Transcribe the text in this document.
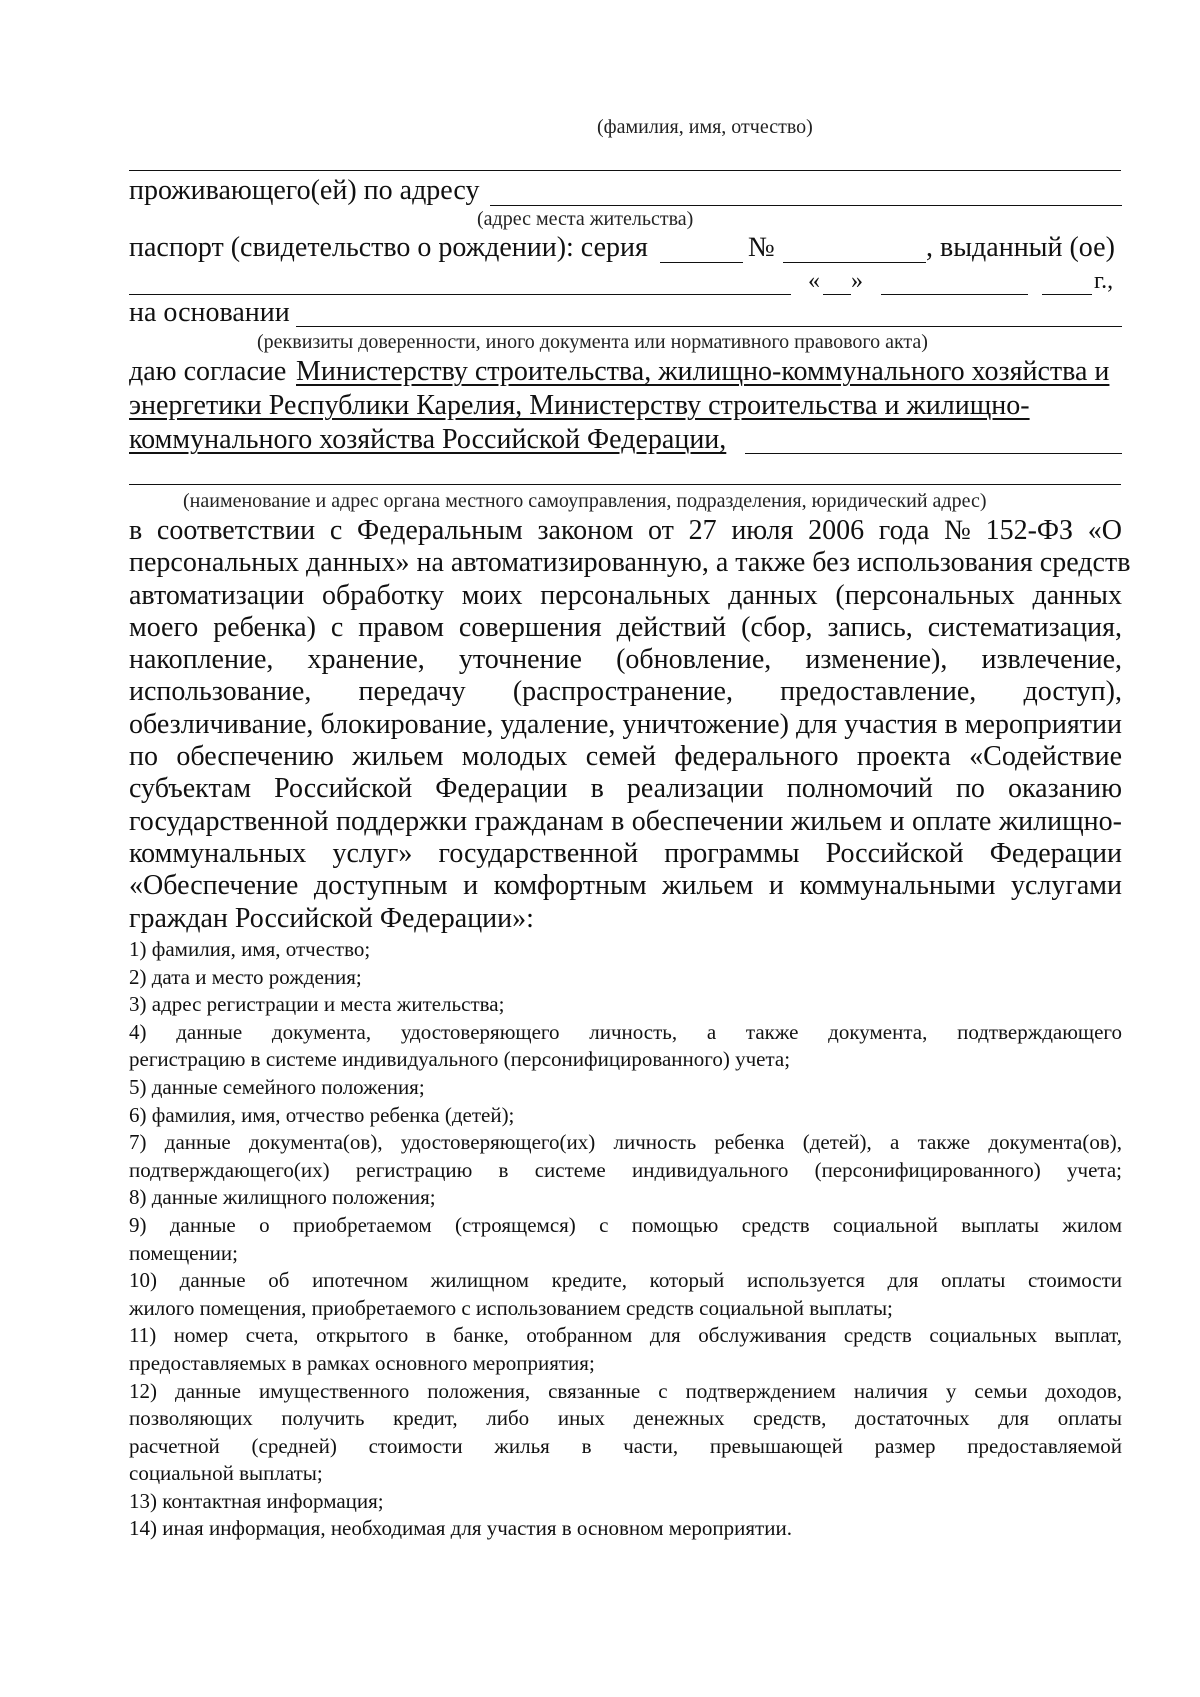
(фамилия, имя, отчество)
проживающего(ей) по адресу
(адрес места жительства)
паспорт (свидетельство о рождении): серия	№	, выданный (ое)
« »	г.,
на основании
(реквизиты доверенности, иного документа или нормативного правового акта)
даю согласие Министерству строительства, жилищно-коммунального хозяйства и
энергетики Республики Карелия, Министерству строительства и жилищно-
коммунального хозяйства Российской Федерации,
(наименование и адрес органа местного самоуправления, подразделения, юридический адрес)
в соответствии с Федеральным законом от 27 июля 2006 года № 152-ФЗ «О
персональных данных» на автоматизированную, а также без использования средств
автоматизации обработку моих персональных данных (персональных данных
моего ребенка) с правом совершения действий (сбор, запись, систематизация,
накопление, хранение, уточнение (обновление, изменение), извлечение,
использование, передачу (распространение, предоставление, доступ),
обезличивание, блокирование, удаление, уничтожение) для участия в мероприятии
по обеспечению жильем молодых семей федерального проекта «Содействие
субъектам Российской Федерации в реализации полномочий по оказанию
государственной поддержки гражданам в обеспечении жильем и оплате жилищно-
коммунальных услуг» государственной программы Российской Федерации
«Обеспечение доступным и комфортным жильем и коммунальными услугами
граждан Российской Федерации»:
1) фамилия, имя, отчество;
2) дата и место рождения;
3) адрес регистрации и места жительства;
4) данные документа, удостоверяющего личность, а также документа, подтверждающего
регистрацию в системе индивидуального (персонифицированного) учета;
5) данные семейного положения;
6) фамилия, имя, отчество ребенка (детей);
7) данные документа(ов), удостоверяющего(их) личность ребенка (детей), а также документа(ов),
подтверждающего(их) регистрацию в системе индивидуального (персонифицированного) учета;
8) данные жилищного положения;
9) данные о приобретаемом (строящемся) с помощью средств социальной выплаты жилом
помещении;
10) данные об ипотечном жилищном кредите, который используется для оплаты стоимости
жилого помещения, приобретаемого с использованием средств социальной выплаты;
11) номер счета, открытого в банке, отобранном для обслуживания средств социальных выплат,
предоставляемых в рамках основного мероприятия;
12) данные имущественного положения, связанные с подтверждением наличия у семьи доходов,
позволяющих получить кредит, либо иных денежных средств, достаточных для оплаты
расчетной (средней) стоимости жилья в части, превышающей размер предоставляемой
социальной выплаты;
13) контактная информация;
14) иная информация, необходимая для участия в основном мероприятии.
